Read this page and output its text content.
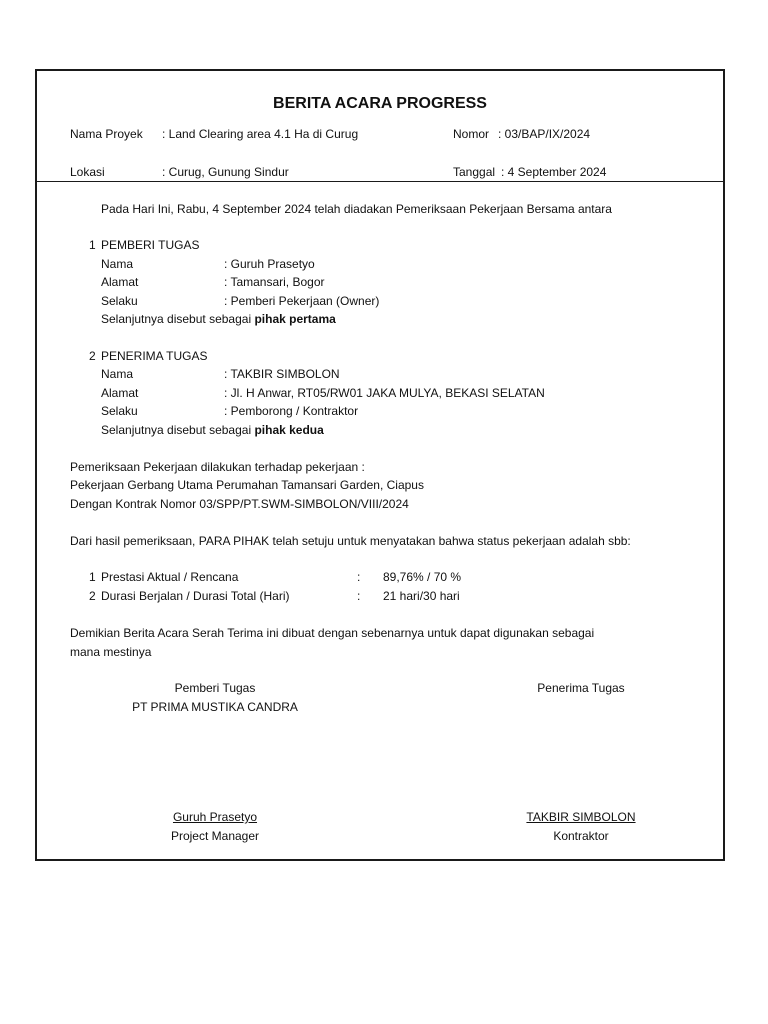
BERITA ACARA PROGRESS
Nama Proyek : Land Clearing area 4.1 Ha di Curug	Nomor : 03/BAP/IX/2024
Lokasi	: Curug, Gunung Sindur	Tanggal : 4 September 2024
Pada Hari Ini, Rabu, 4 September 2024 telah diadakan Pemeriksaan Pekerjaan Bersama antara
1 PEMBERI TUGAS
Nama	: Guruh Prasetyo
Alamat	: Tamansari, Bogor
Selaku	: Pemberi Pekerjaan (Owner)
Selanjutnya disebut sebagai pihak pertama
2 PENERIMA TUGAS
Nama	: TAKBIR SIMBOLON
Alamat	: Jl. H Anwar, RT05/RW01 JAKA MULYA, BEKASI SELATAN
Selaku	: Pemborong / Kontraktor
Selanjutnya disebut sebagai pihak kedua
Pemeriksaan Pekerjaan dilakukan terhadap pekerjaan :
Pekerjaan Gerbang Utama Perumahan Tamansari Garden, Ciapus
Dengan Kontrak Nomor 03/SPP/PT.SWM-SIMBOLON/VIII/2024
Dari hasil pemeriksaan, PARA PIHAK telah setuju untuk menyatakan bahwa status pekerjaan adalah sbb:
1 Prestasi Aktual / Rencana	: 89,76% / 70 %
2 Durasi Berjalan / Durasi Total (Hari)	: 21 hari/30 hari
Demikian Berita Acara Serah Terima ini dibuat dengan sebenarnya untuk dapat digunakan sebagai
mana mestinya
Pemberi Tugas
PT PRIMA MUSTIKA CANDRA
Penerima Tugas
Guruh Prasetyo
Project Manager
TAKBIR SIMBOLON
Kontraktor
